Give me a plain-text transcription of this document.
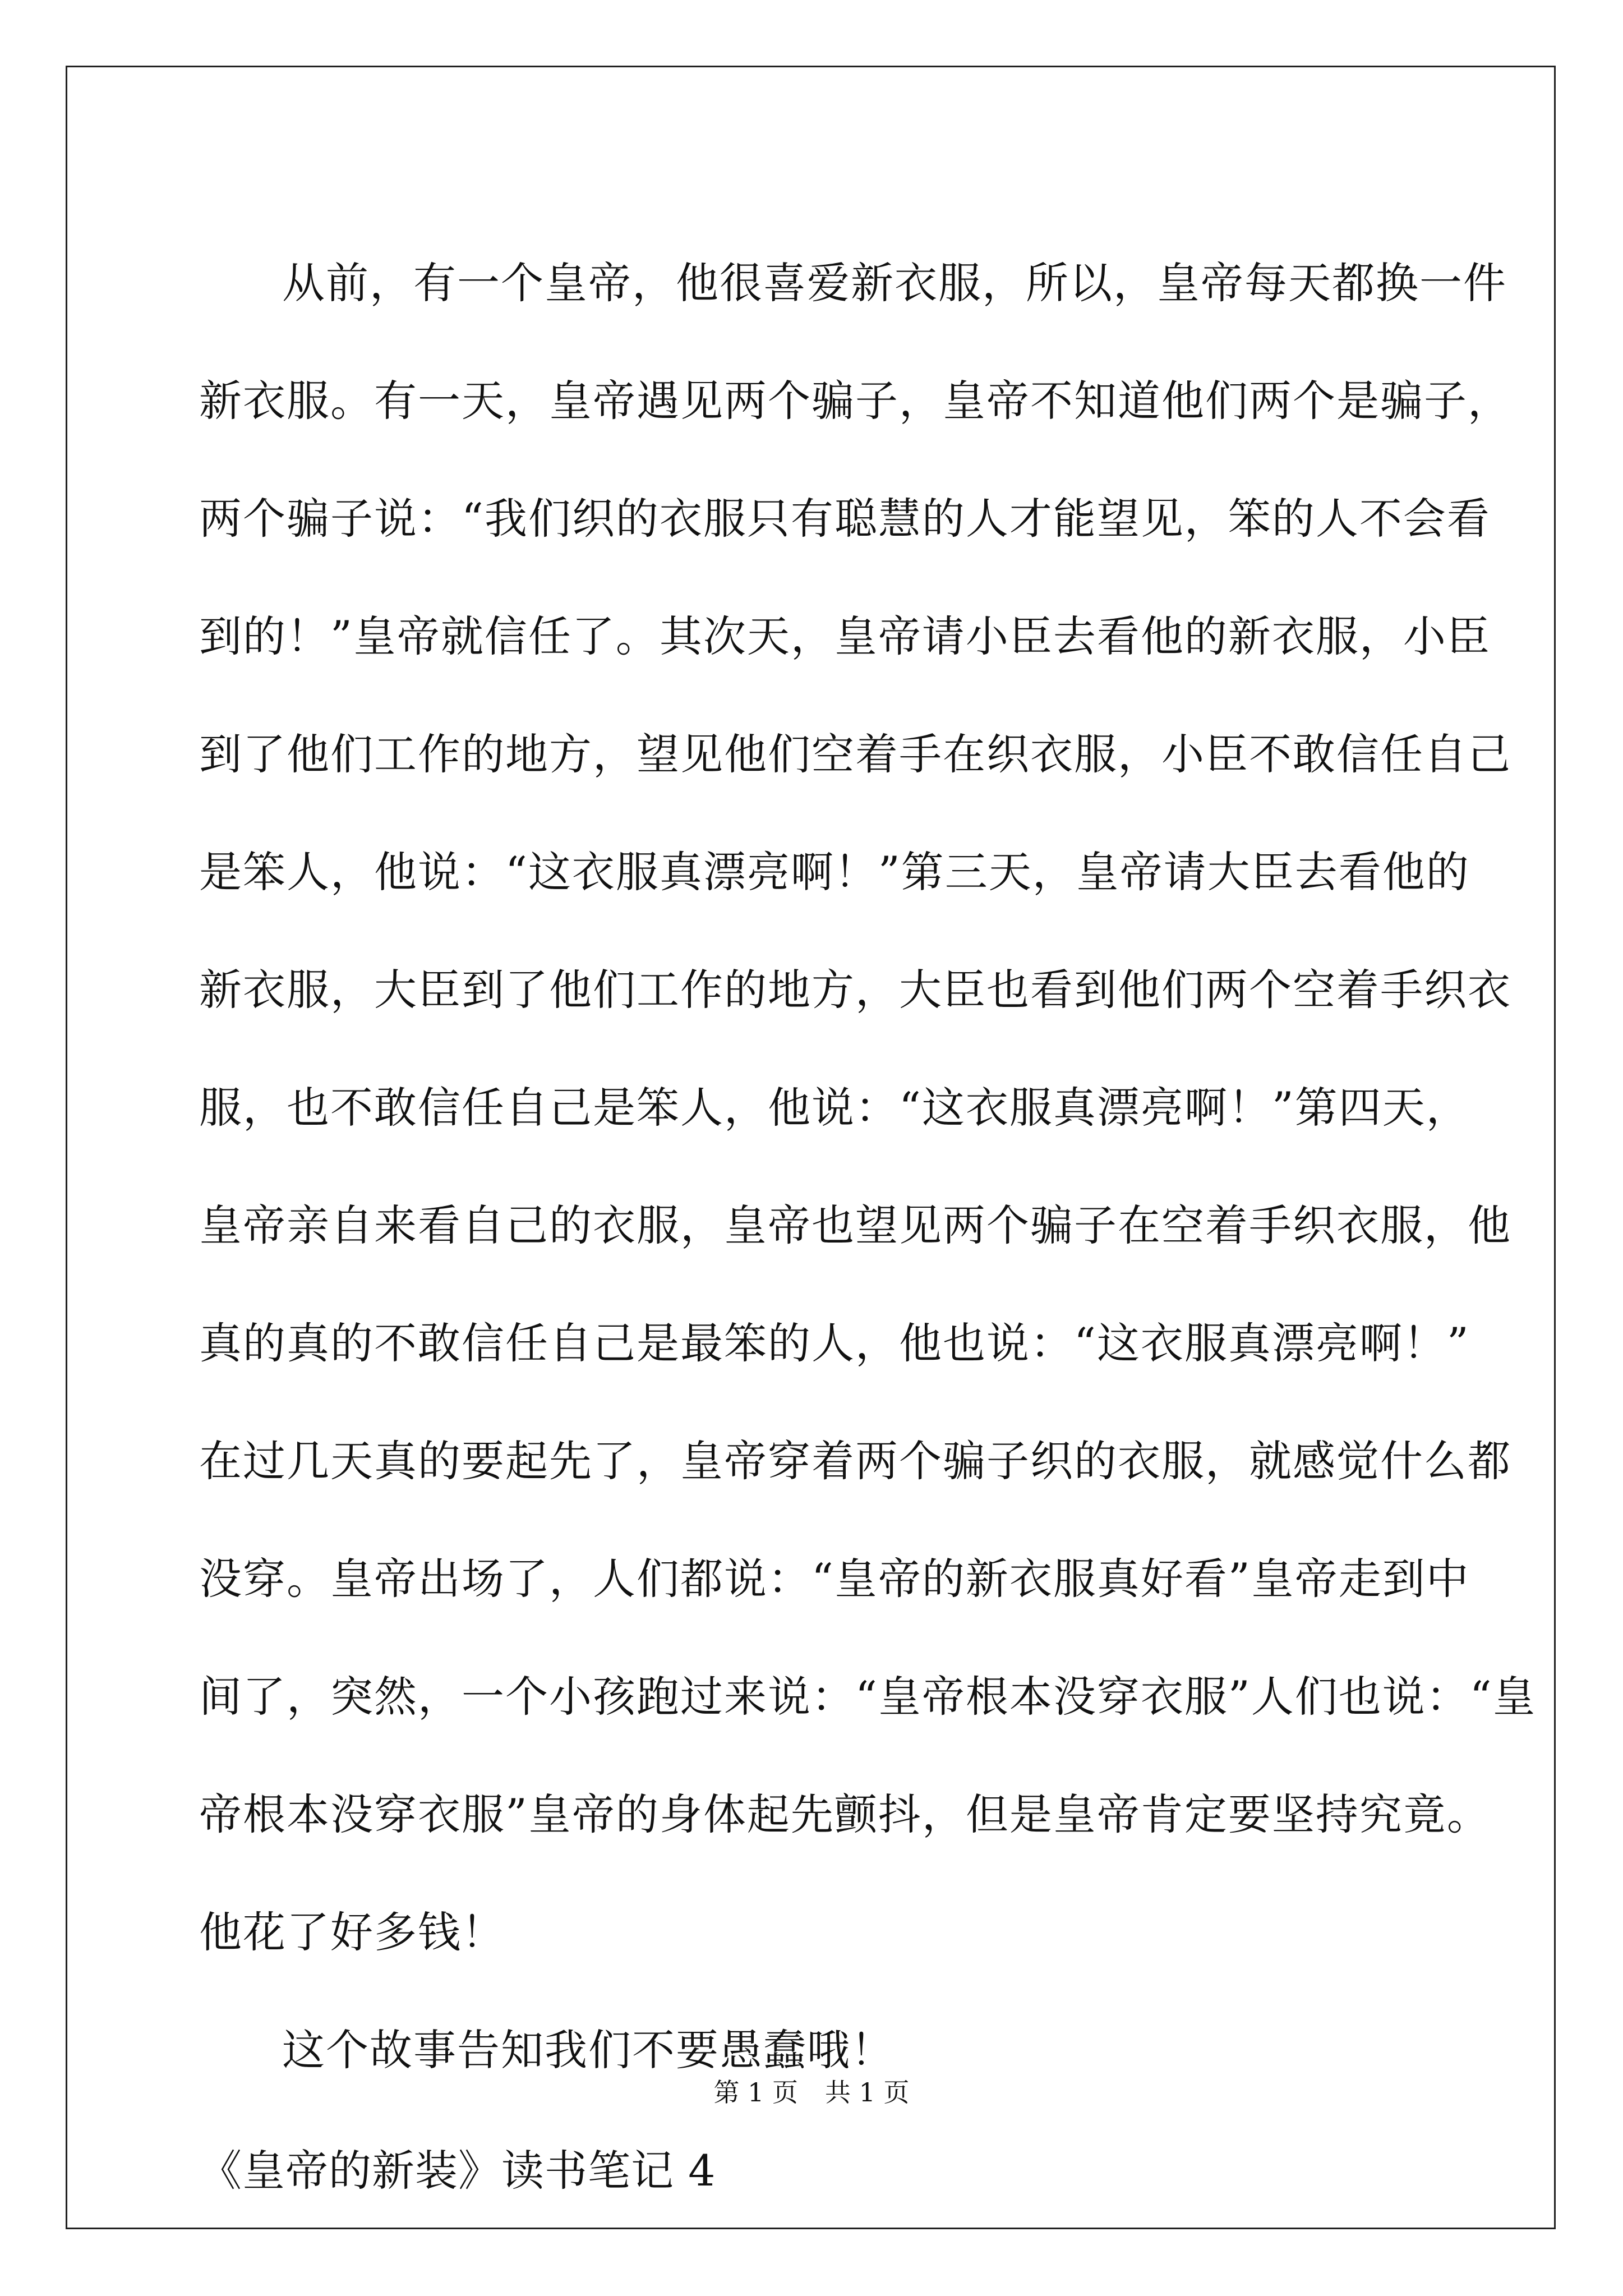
从前，有一个皇帝，他很喜爱新衣服，所以，皇帝每天都换一件
新衣服。有一天，皇帝遇见两个骗子，皇帝不知道他们两个是骗子，
两个骗子说：“我们织的衣服只有聪慧的人才能望见，笨的人不会看
到的！”皇帝就信任了。其次天，皇帝请小臣去看他的新衣服，小臣
到了他们工作的地方，望见他们空着手在织衣服，小臣不敢信任自己
是笨人，他说：“这衣服真漂亮啊！”第三天，皇帝请大臣去看他的
新衣服，大臣到了他们工作的地方，大臣也看到他们两个空着手织衣
服，也不敢信任自己是笨人，他说：“这衣服真漂亮啊！”第四天，
皇帝亲自来看自己的衣服，皇帝也望见两个骗子在空着手织衣服，他
真的真的不敢信任自己是最笨的人，他也说：“这衣服真漂亮啊！”
在过几天真的要起先了，皇帝穿着两个骗子织的衣服，就感觉什么都
没穿。皇帝出场了，人们都说：“皇帝的新衣服真好看”皇帝走到中
间了，突然，一个小孩跑过来说：“皇帝根本没穿衣服”人们也说：“皇
帝根本没穿衣服”皇帝的身体起先颤抖，但是皇帝肯定要坚持究竟。
他花了好多钱！
这个故事告知我们不要愚蠢哦！
《皇帝的新装》读书笔记 4
第 1 页 共 1 页
